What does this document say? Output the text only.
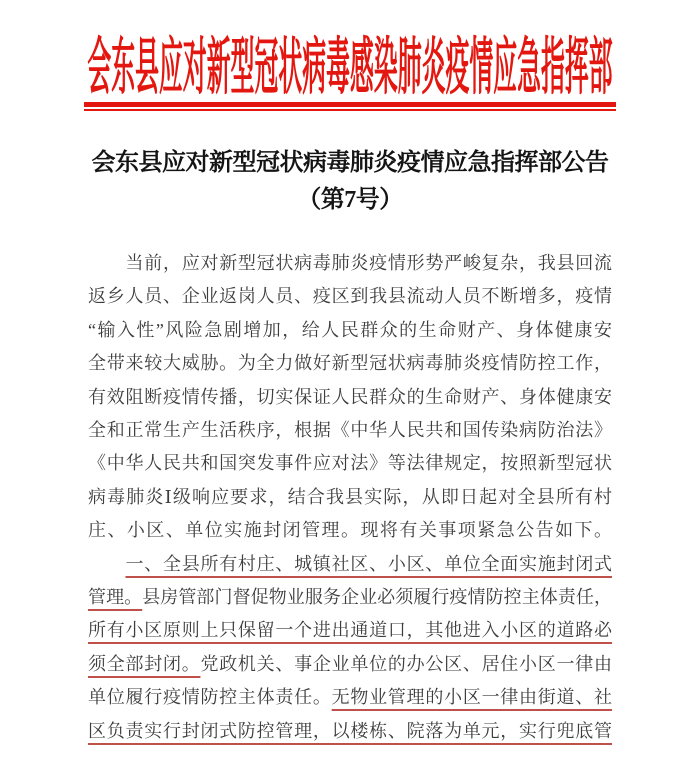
会东县应对新型冠状病毒感染肺炎疫情应急指挥部
会东县应对新型冠状病毒肺炎疫情应急指挥部公告
（第7号）

　　当前，应对新型冠状病毒肺炎疫情形势严峻复杂，我县回流

返乡人员、企业返岗人员、疫区到我县流动人员不断增多，疫情

“输入性”风险急剧增加，给人民群众的生命财产、身体健康安

全带来较大威胁。为全力做好新型冠状病毒肺炎疫情防控工作，

有效阻断疫情传播，切实保证人民群众的生命财产、身体健康安

全和正常生产生活秩序，根据《中华人民共和国传染病防治法》

《中华人民共和国突发事件应对法》等法律规定，按照新型冠状

病毒肺炎Ⅰ级响应要求，结合我县实际，从即日起对全县所有村

庄、小区、单位实施封闭管理。现将有关事项紧急公告如下。

　　一、全县所有村庄、城镇社区、小区、单位全面实施封闭式

管理。县房管部门督促物业服务企业必须履行疫情防控主体责任，

所有小区原则上只保留一个进出通道口，其他进入小区的道路必

须全部封闭。党政机关、事企业单位的办公区、居住小区一律由

单位履行疫情防控主体责任。无物业管理的小区一律由街道、社

区负责实行封闭式防控管理，以楼栋、院落为单元，实行兜底管
